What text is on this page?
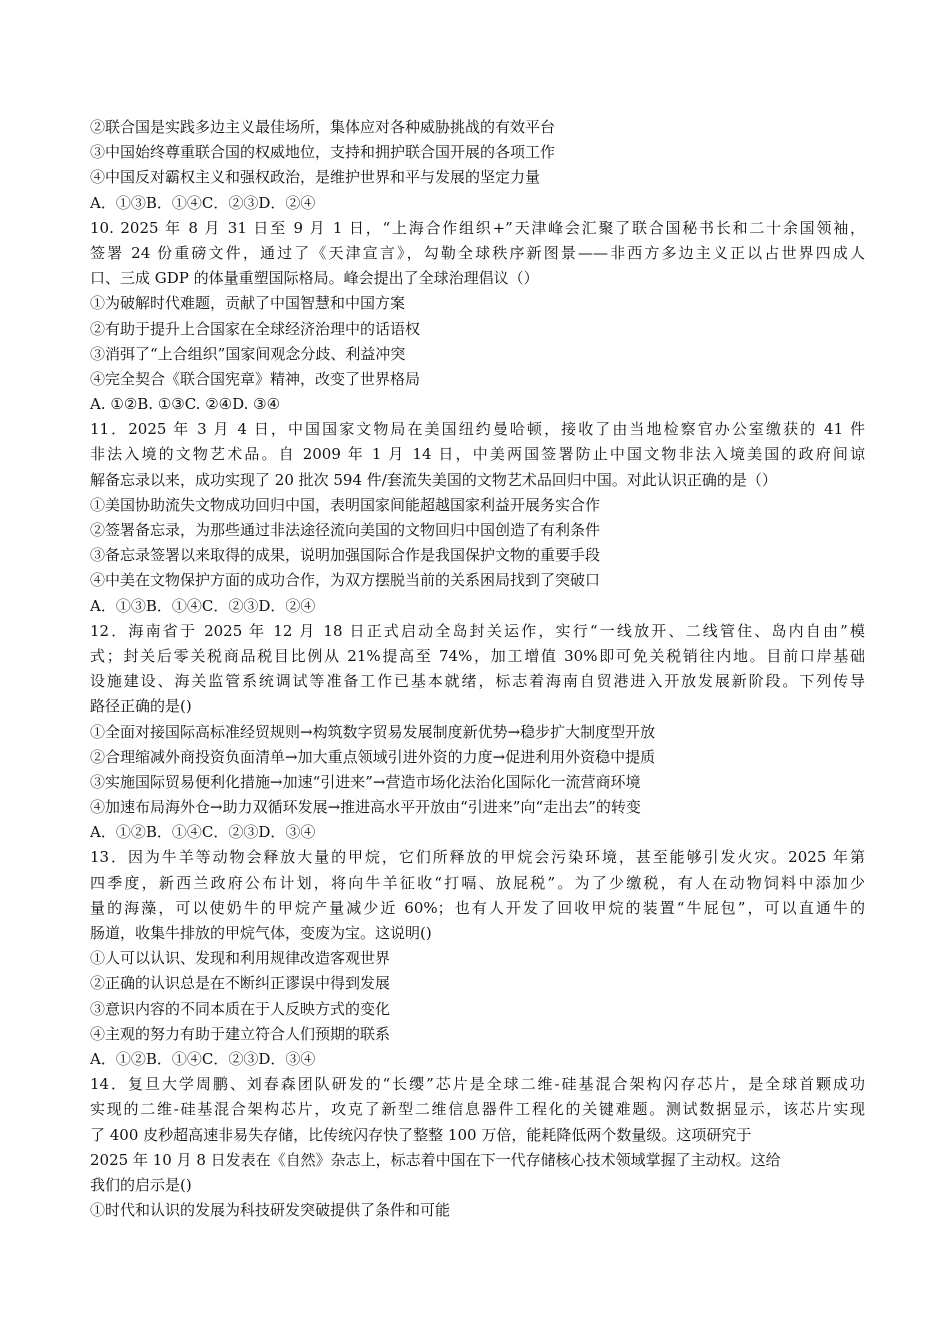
②联合国是实践多边主义最佳场所，集体应对各种威胁挑战的有效平台
③中国始终尊重联合国的权威地位，支持和拥护联合国开展的各项工作
④中国反对霸权主义和强权政治，是维护世界和平与发展的坚定力量
A．①③B．①④C．②③D．②④
10. 2025 年 8 月 31 日至 9 月 1 日，“上海合作组织+”天津峰会汇聚了联合国秘书长和二十余国领袖，
签署 24 份重磅文件，通过了《天津宣言》，勾勒全球秩序新图景——非西方多边主义正以占世界四成人
口、三成 GDP 的体量重塑国际格局。峰会提出了全球治理倡议（）
①为破解时代难题，贡献了中国智慧和中国方案
②有助于提升上合国家在全球经济治理中的话语权
③消弭了“上合组织”国家间观念分歧、利益冲突
④完全契合《联合国宪章》精神，改变了世界格局
A. ①②B. ①③C. ②④D. ③④
11．2025 年 3 月 4 日，中国国家文物局在美国纽约曼哈顿，接收了由当地检察官办公室缴获的 41 件
非法入境的文物艺术品。自 2009 年 1 月 14 日，中美两国签署防止中国文物非法入境美国的政府间谅
解备忘录以来，成功实现了 20 批次 594 件/套流失美国的文物艺术品回归中国。对此认识正确的是（）
①美国协助流失文物成功回归中国，表明国家间能超越国家利益开展务实合作
②签署备忘录，为那些通过非法途径流向美国的文物回归中国创造了有利条件
③备忘录签署以来取得的成果，说明加强国际合作是我国保护文物的重要手段
④中美在文物保护方面的成功合作，为双方摆脱当前的关系困局找到了突破口
A．①③B．①④C．②③D．②④
12．海南省于 2025 年 12 月 18 日正式启动全岛封关运作，实行“一线放开、二线管住、岛内自由”模
式；封关后零关税商品税目比例从 21%提高至 74%，加工增值 30%即可免关税销往内地。目前口岸基础
设施建设、海关监管系统调试等准备工作已基本就绪，标志着海南自贸港进入开放发展新阶段。下列传导
路径正确的是()
①全面对接国际高标准经贸规则→构筑数字贸易发展制度新优势→稳步扩大制度型开放
②合理缩减外商投资负面清单→加大重点领域引进外资的力度→促进利用外资稳中提质
③实施国际贸易便利化措施→加速“引进来”→营造市场化法治化国际化一流营商环境
④加速布局海外仓→助力双循环发展→推进高水平开放由“引进来”向“走出去”的转变
A．①②B．①④C．②③D．③④
13．因为牛羊等动物会释放大量的甲烷，它们所释放的甲烷会污染环境，甚至能够引发火灾。2025 年第
四季度，新西兰政府公布计划，将向牛羊征收“打嗝、放屁税”。为了少缴税，有人在动物饲料中添加少
量的海藻，可以使奶牛的甲烷产量减少近 60%；也有人开发了回收甲烷的装置“牛屁包”，可以直通牛的
肠道，收集牛排放的甲烷气体，变废为宝。这说明()
①人可以认识、发现和利用规律改造客观世界
②正确的认识总是在不断纠正谬误中得到发展
③意识内容的不同本质在于人反映方式的变化
④主观的努力有助于建立符合人们预期的联系
A．①②B．①④C．②③D．③④
14．复旦大学周鹏、刘春森团队研发的“长缨”芯片是全球二维-硅基混合架构闪存芯片，是全球首颗成功
实现的二维-硅基混合架构芯片，攻克了新型二维信息器件工程化的关键难题。测试数据显示，该芯片实现
了 400 皮秒超高速非易失存储，比传统闪存快了整整 100 万倍，能耗降低两个数量级。这项研究于
2025 年 10 月 8 日发表在《自然》杂志上，标志着中国在下一代存储核心技术领域掌握了主动权。这给
我们的启示是()
①时代和认识的发展为科技研发突破提供了条件和可能
